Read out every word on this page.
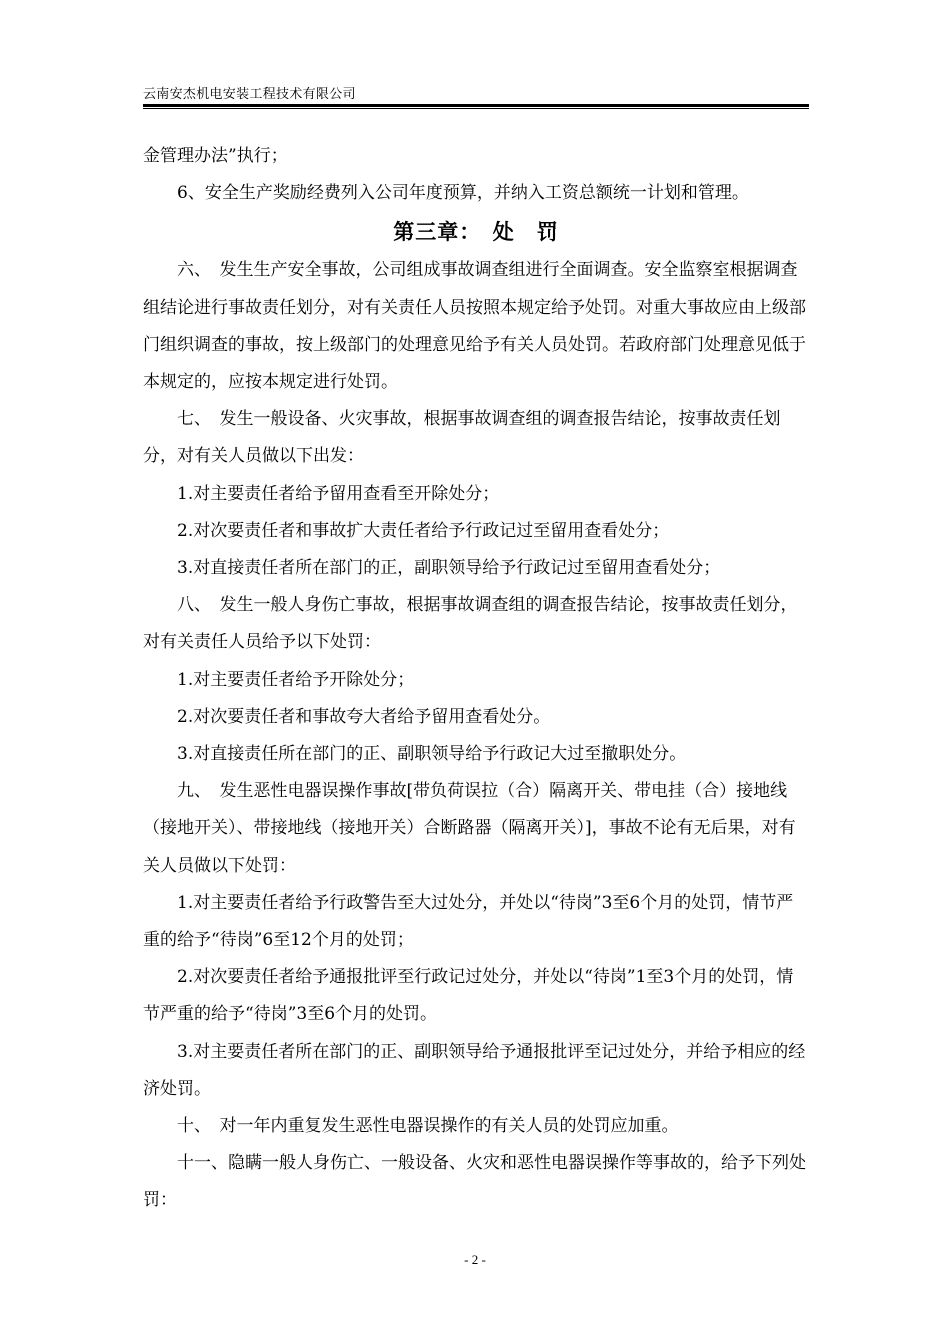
云南安杰机电安装工程技术有限公司

金管理办法”执行；

6、安全生产奖励经费列入公司年度预算，并纳入工资总额统一计划和管理。

第三章：　处　罚

六、　发生生产安全事故，公司组成事故调查组进行全面调查。安全监察室根据调查组结论进行事故责任划分，对有关责任人员按照本规定给予处罚。对重大事故应由上级部门组织调查的事故，按上级部门的处理意见给予有关人员处罚。若政府部门处理意见低于本规定的，应按本规定进行处罚。

七、　发生一般设备、火灾事故，根据事故调查组的调查报告结论，按事故责任划分，对有关人员做以下出发：

1.对主要责任者给予留用查看至开除处分；

2.对次要责任者和事故扩大责任者给予行政记过至留用查看处分；

3.对直接责任者所在部门的正，副职领导给予行政记过至留用查看处分；

八、　发生一般人身伤亡事故，根据事故调查组的调查报告结论，按事故责任划分，对有关责任人员给予以下处罚：

1.对主要责任者给予开除处分；

2.对次要责任者和事故夸大者给予留用查看处分。

3.对直接责任所在部门的正、副职领导给予行政记大过至撤职处分。

九、　发生恶性电器误操作事故[带负荷误拉（合）隔离开关、带电挂（合）接地线（接地开关）、带接地线（接地开关）合断路器（隔离开关）]，事故不论有无后果，对有关人员做以下处罚：

1.对主要责任者给予行政警告至大过处分，并处以“待岗”3至6个月的处罚，情节严重的给予“待岗”6至12个月的处罚；

2.对次要责任者给予通报批评至行政记过处分，并处以“待岗”1至3个月的处罚，情节严重的给予“待岗”3至6个月的处罚。

3.对主要责任者所在部门的正、副职领导给予通报批评至记过处分，并给予相应的经济处罚。

十、　对一年内重复发生恶性电器误操作的有关人员的处罚应加重。

十一、隐瞒一般人身伤亡、一般设备、火灾和恶性电器误操作等事故的，给予下列处罚：

- 2 -
